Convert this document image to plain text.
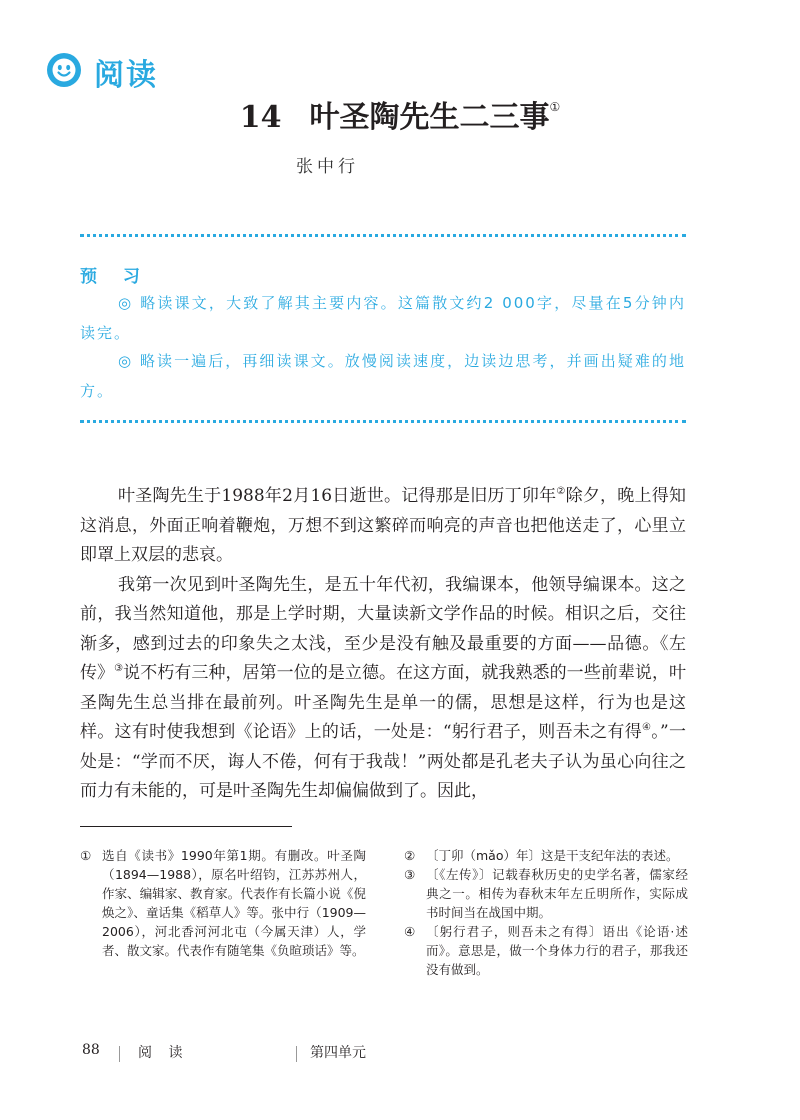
阅读
14 叶圣陶先生二三事①
张中行
预 习
◎ 略读课文，大致了解其主要内容。这篇散文约2 000字，尽量在5分钟内读完。
◎ 略读一遍后，再细读课文。放慢阅读速度，边读边思考，并画出疑难的地方。

叶圣陶先生于1988年2月16日逝世。记得那是旧历丁卯年②除夕，晚上得知这消息，外面正响着鞭炮，万想不到这繁碎而响亮的声音也把他送走了，心里立即罩上双层的悲哀。

我第一次见到叶圣陶先生，是五十年代初，我编课本，他领导编课本。这之前，我当然知道他，那是上学时期，大量读新文学作品的时候。相识之后，交往渐多，感到过去的印象失之太浅，至少是没有触及最重要的方面——品德。《左传》③说不朽有三种，居第一位的是立德。在这方面，就我熟悉的一些前辈说，叶圣陶先生总当排在最前列。叶圣陶先生是单一的儒，思想是这样，行为也是这样。这有时使我想到《论语》上的话，一处是：“躬行君子，则吾未之有得④。”一处是：“学而不厌，诲人不倦，何有于我哉！”两处都是孔老夫子认为虽心向往之而力有未能的，可是叶圣陶先生却偏偏做到了。因此，

① 选自《读书》1990年第1期。有删改。叶圣陶（1894—1988），原名叶绍钧，江苏苏州人，作家、编辑家、教育家。代表作有长篇小说《倪焕之》、童话集《稻草人》等。张中行（1909—2006），河北香河河北屯（今属天津）人，学者、散文家。代表作有随笔集《负暄琐话》等。
② 〔丁卯（mǎo）年〕这是干支纪年法的表述。
③ 〔《左传》〕记载春秋历史的史学名著，儒家经典之一。相传为春秋末年左丘明所作，实际成书时间当在战国中期。
④ 〔躬行君子，则吾未之有得〕语出《论语·述而》。意思是，做一个身体力行的君子，那我还没有做到。
88	阅 读	第四单元
